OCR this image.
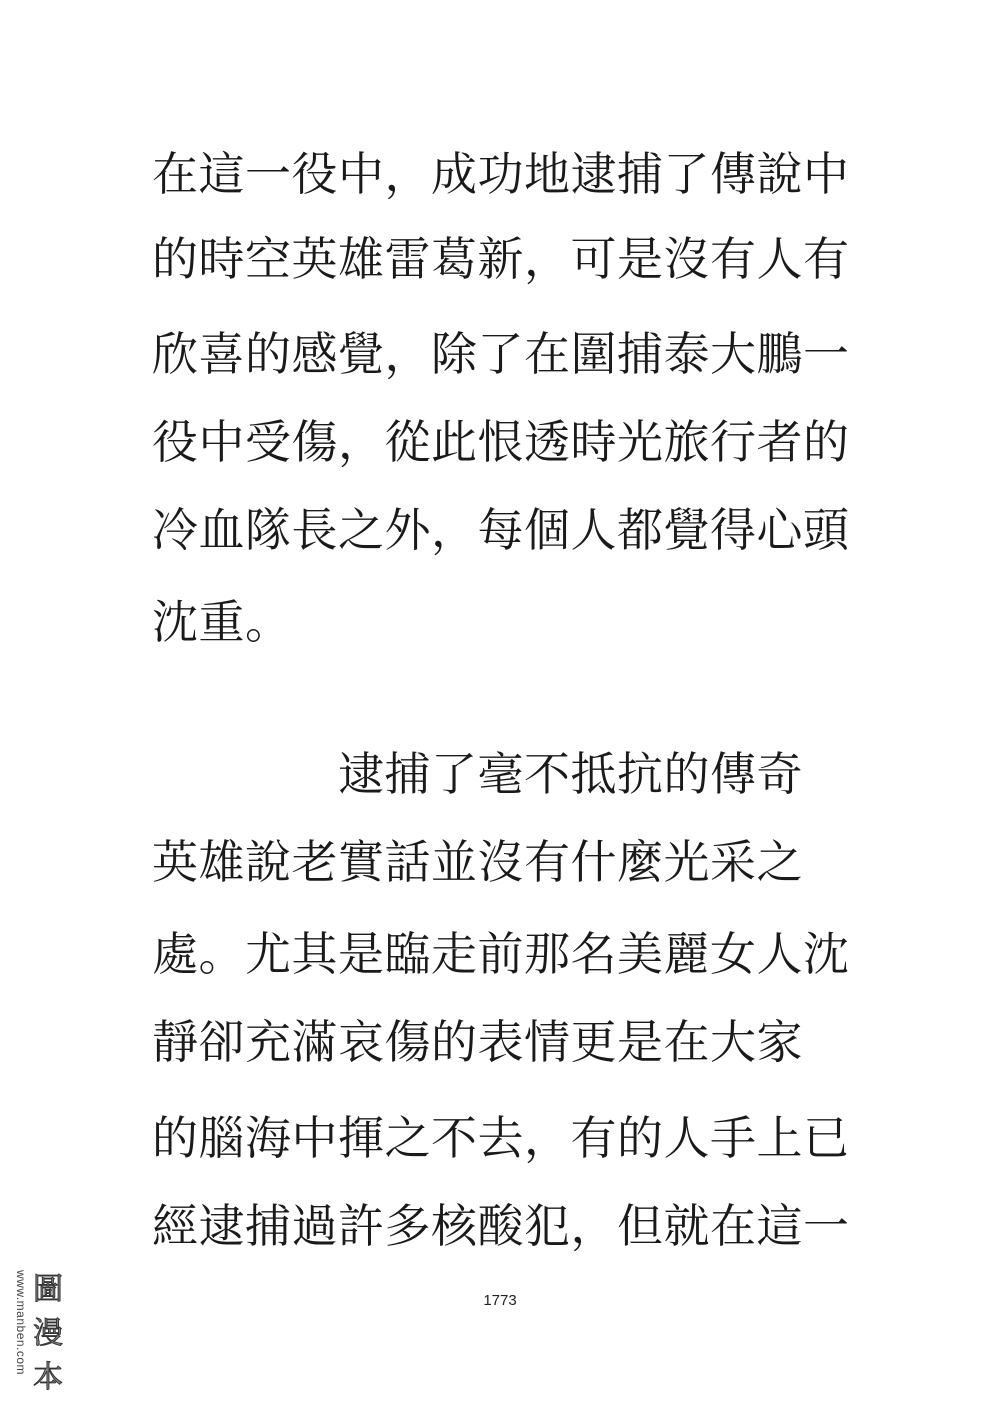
在這一役中，成功地逮捕了傳說中
的時空英雄雷葛新，可是沒有人有
欣喜的感覺，除了在圍捕泰大鵬一
役中受傷，從此恨透時光旅行者的
冷血隊長之外，每個人都覺得心頭
沈重。
　　　　逮捕了毫不抵抗的傳奇
英雄說老實話並沒有什麼光采之
處。尤其是臨走前那名美麗女人沈
靜卻充滿哀傷的表情更是在大家
的腦海中揮之不去，有的人手上已
經逮捕過許多核酸犯，但就在這一
1773
www.manben.com 圖
漫
本
